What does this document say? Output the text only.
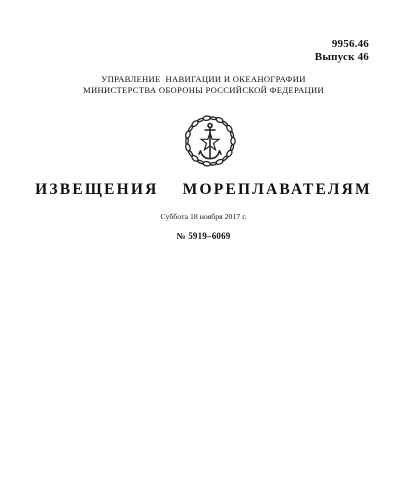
9956.46
Выпуск 46
УПРАВЛЕНИЕ  НАВИГАЦИИ И ОКЕАНОГРАФИИ
МИНИСТЕРСТВА ОБОРОНЫ РОССИЙСКОЙ ФЕДЕРАЦИИ
ИЗВЕЩЕНИЯ  МОРЕПЛАВАТЕЛЯМ
Суббота 18 ноября 2017 г.
№ 5919–6069
